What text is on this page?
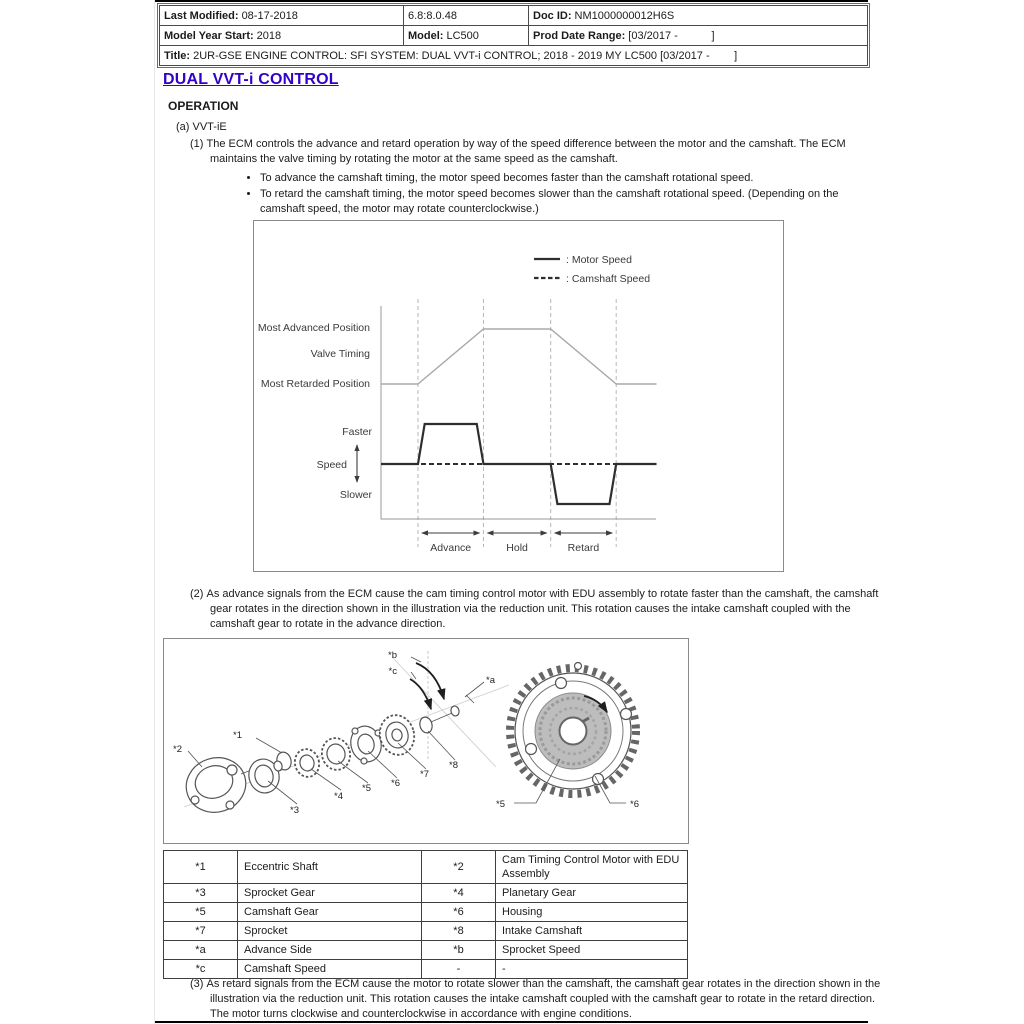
Last Modified: 08-17-2018	6.8:8.0.48	Doc ID: NM1000000012H6S
Model Year Start: 2018	Model: LC500	Prod Date Range: [03/2017 -           ]
Title: 2UR-GSE ENGINE CONTROL: SFI SYSTEM: DUAL VVT-i CONTROL; 2018 - 2019 MY LC500 [03/2017 -        ]		
DUAL VVT-i CONTROL
OPERATION
(a) VVT-iE
(1) The ECM controls the advance and retard operation by way of the speed difference between the motor and the camshaft. The ECM maintains the valve timing by rotating the motor at the same speed as the camshaft.
• To advance the camshaft timing, the motor speed becomes faster than the camshaft rotational speed.
• To retard the camshaft timing, the motor speed becomes slower than the camshaft rotational speed. (Depending on the camshaft speed, the motor may rotate counterclockwise.)
: Motor Speed
: Camshaft Speed
Most Advanced Position
Valve Timing
Most Retarded Position
Faster
Speed
Slower
Advance	Hold	Retard
(2) As advance signals from the ECM cause the cam timing control motor with EDU assembly to rotate faster than the camshaft, the camshaft gear rotates in the direction shown in the illustration via the reduction unit. This rotation causes the intake camshaft coupled with the camshaft gear to rotate in the advance direction.
*1
*2
*3
*4
*5 *6
*7
*8
*a
*b
*c
*5	*6
*1	Eccentric Shaft	*2	Cam Timing Control Motor with EDU Assembly
*3	Sprocket Gear	*4	Planetary Gear
*5	Camshaft Gear	*6	Housing
*7	Sprocket	*8	Intake Camshaft
*a	Advance Side	*b	Sprocket Speed
*c	Camshaft Speed	-	-
(3) As retard signals from the ECM cause the motor to rotate slower than the camshaft, the camshaft gear rotates in the direction shown in the illustration via the reduction unit. This rotation causes the intake camshaft coupled with the camshaft gear to rotate in the retard direction. The motor turns clockwise and counterclockwise in accordance with engine conditions.
